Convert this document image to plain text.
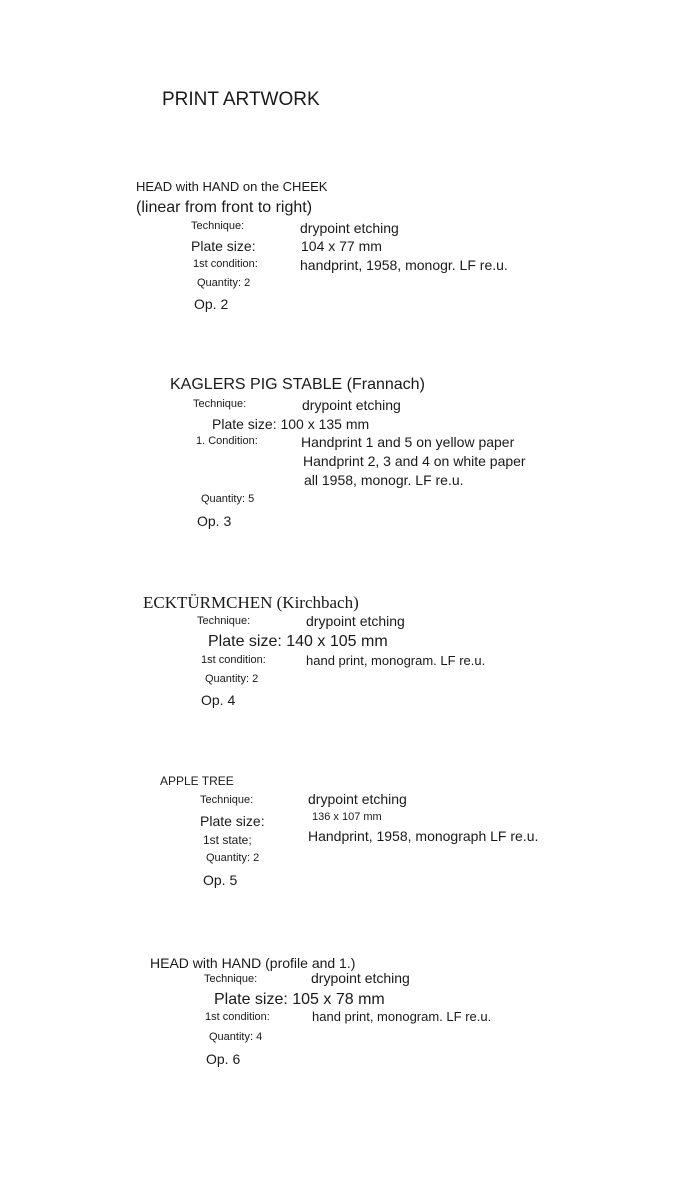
PRINT ARTWORK
HEAD with HAND on the CHEEK
(linear from front to right)
Technique:	drypoint etching
Plate size:	104 x 77 mm
1st condition:	handprint, 1958, monogr. LF re.u.
Quantity: 2
Op. 2
KAGLERS PIG STABLE (Frannach)
Technique:	drypoint etching
Plate size: 100 x 135 mm
1. Condition:	Handprint 1 and 5 on yellow paper
Handprint 2, 3 and 4 on white paper
all 1958, monogr. LF re.u.
Quantity: 5
Op. 3
ECKTÜRMCHEN (Kirchbach)
Technique:	drypoint etching
Plate size: 140 x 105 mm
1st condition:	hand print, monogram. LF re.u.
Quantity: 2
Op. 4
APPLE TREE
Technique:	drypoint etching
Plate size:	136 x 107 mm
1st state;	Handprint, 1958, monograph LF re.u.
Quantity: 2
Op. 5
HEAD with HAND (profile and 1.)
Technique:	drypoint etching
Plate size: 105 x 78 mm
1st condition:	hand print, monogram. LF re.u.
Quantity: 4
Op. 6
